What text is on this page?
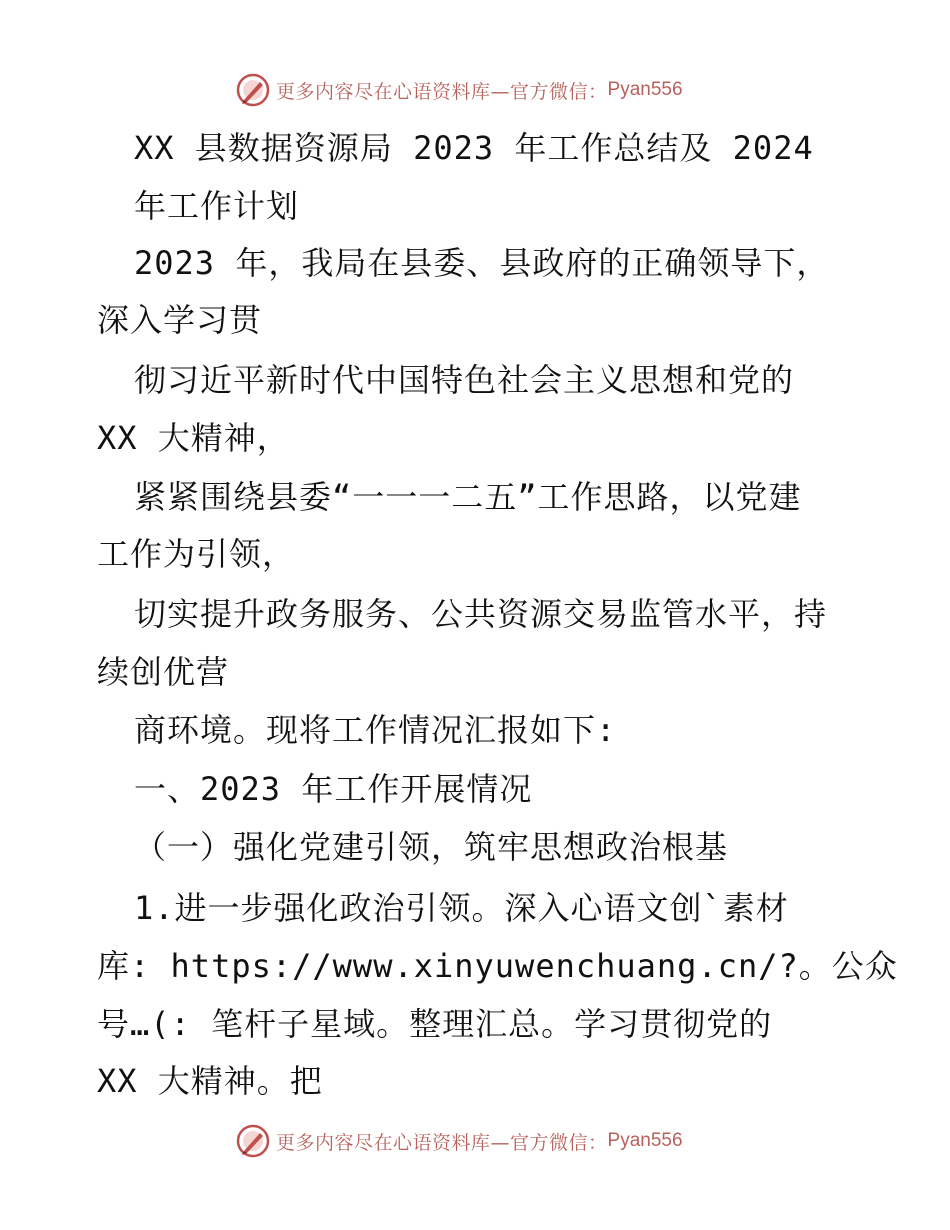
更多内容尽在心语资料库—官方微信： Pyan556
XX 县数据资源局 2023 年工作总结及 2024
年工作计划
2023 年，我局在县委、县政府的正确领导下，
深入学习贯
彻习近平新时代中国特色社会主义思想和党的
XX 大精神，
紧紧围绕县委“一一一二五”工作思路，以党建
工作为引领，
切实提升政务服务、公共资源交易监管水平，持
续创优营
商环境。现将工作情况汇报如下:
一、2023 年工作开展情况
（一）强化党建引领，筑牢思想政治根基
1.进一步强化政治引领。深入心语文创`素材
库: https://www.xinyuwenchuang.cn/?。公众
号…(: 笔杆子星域。整理汇总。学习贯彻党的
XX 大精神。把
更多内容尽在心语资料库—官方微信： Pyan556
